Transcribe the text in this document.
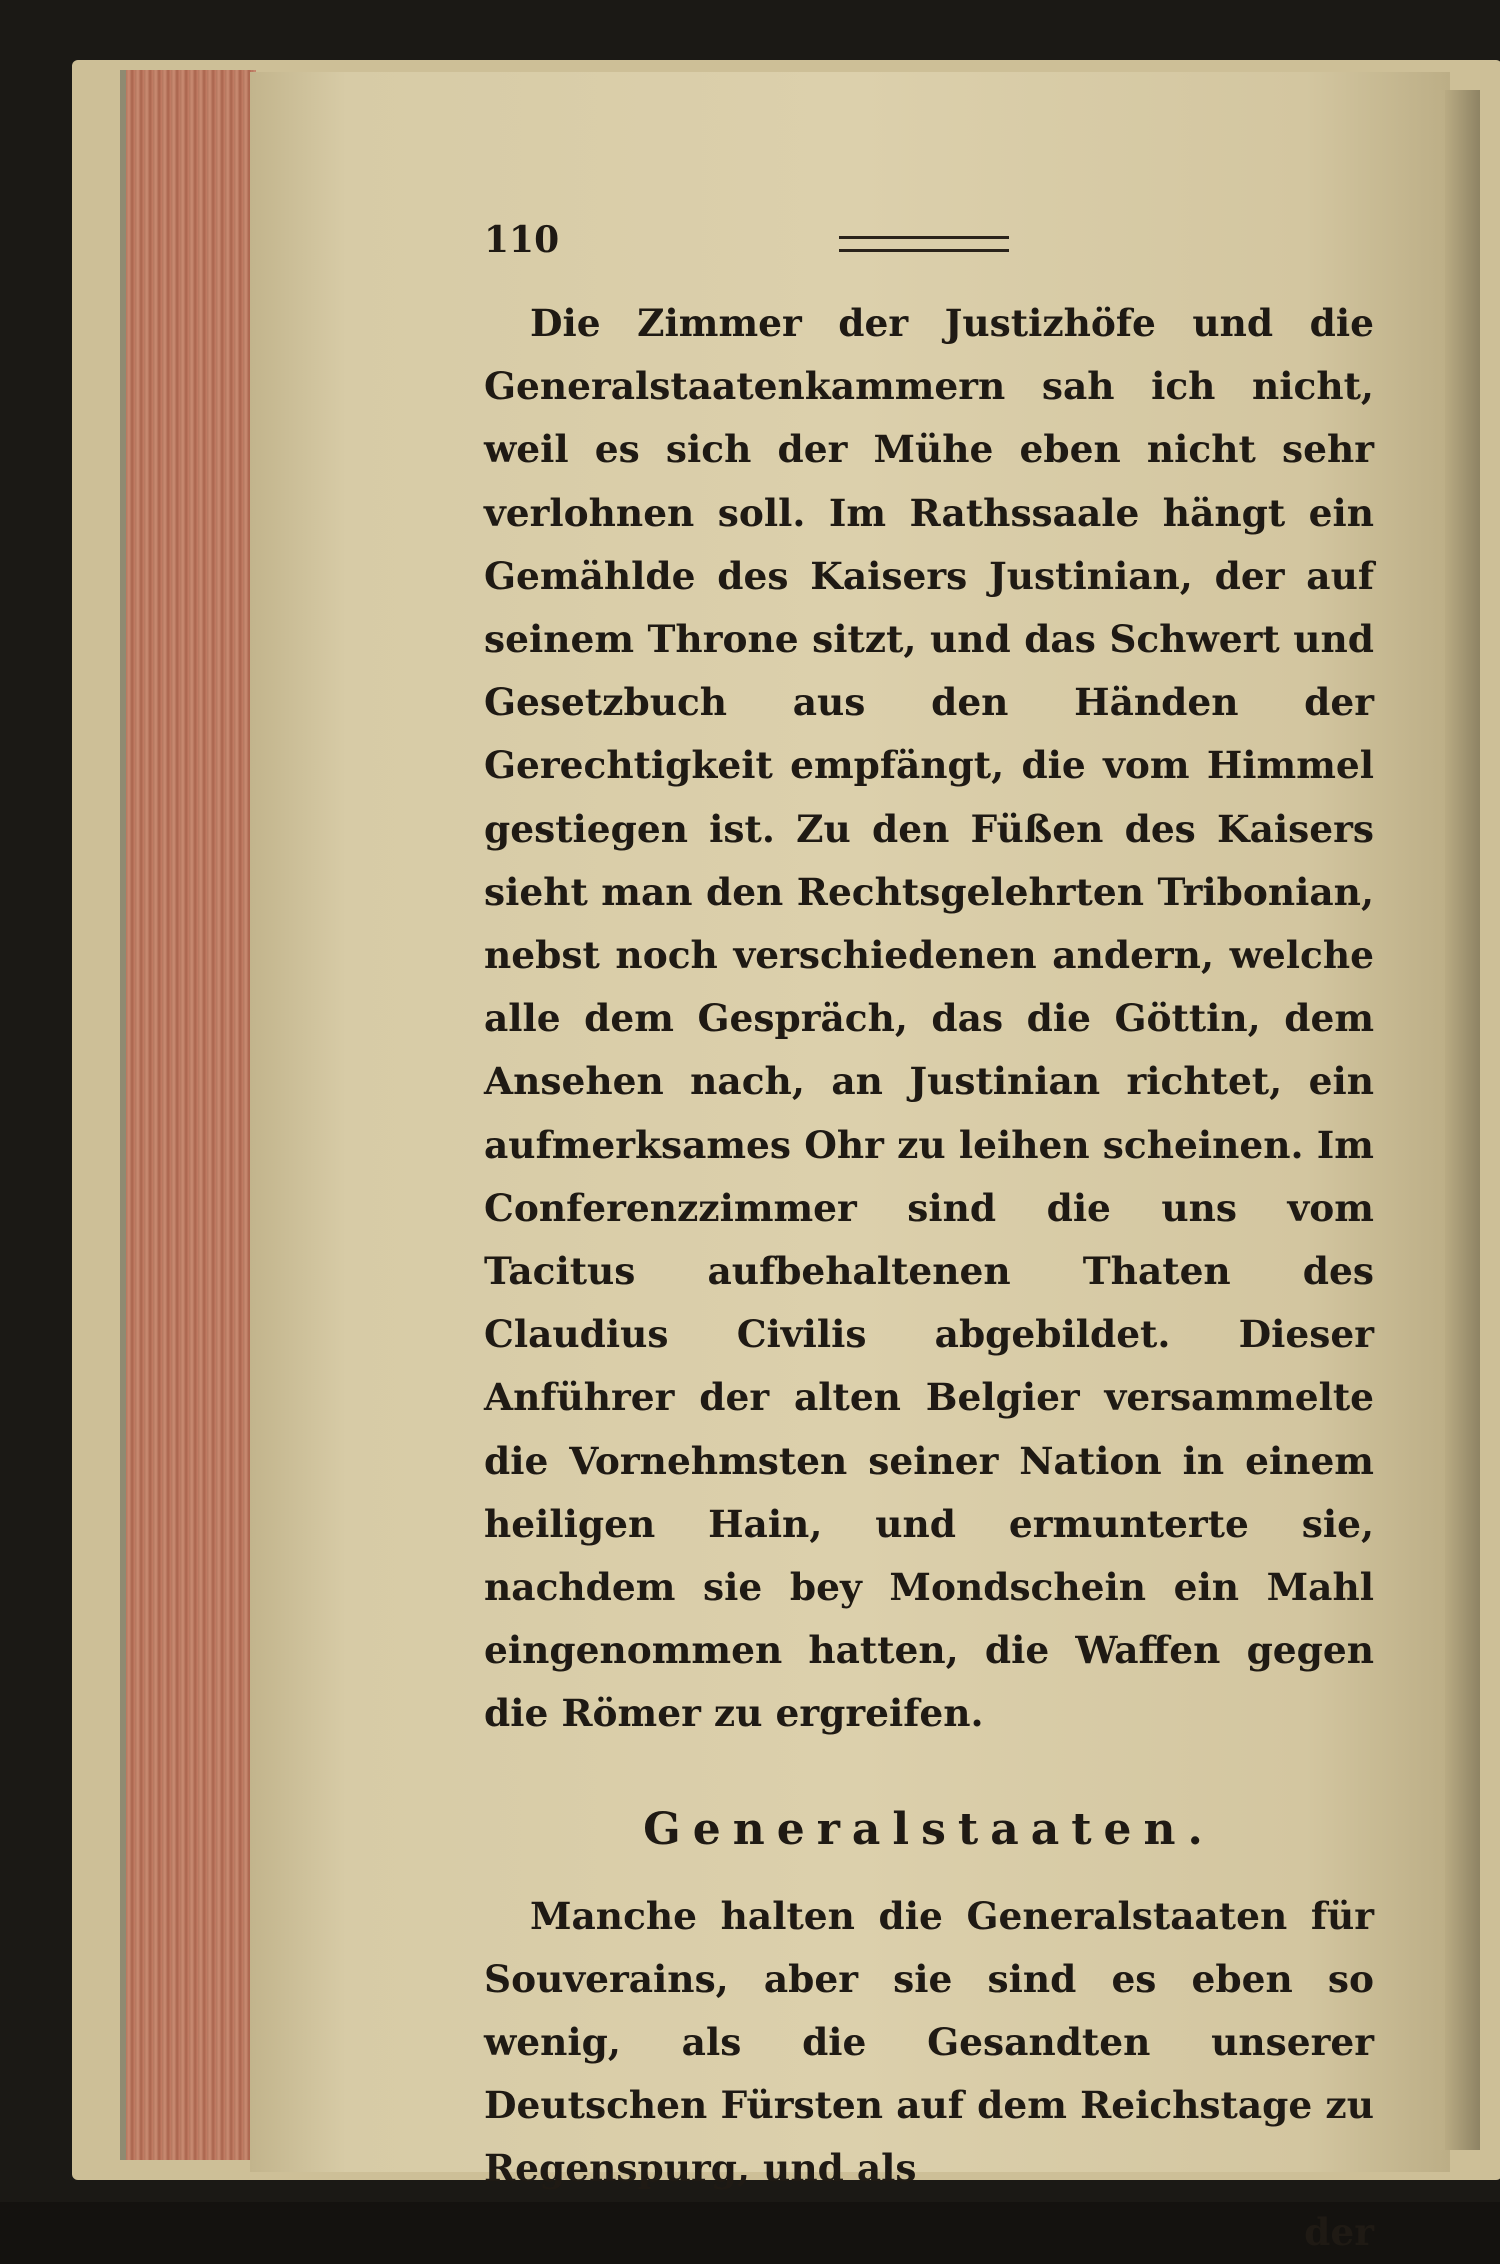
110

Die Zimmer der Justizhöfe und die Generalstaatenkammern sah ich nicht, weil es sich der Mühe eben nicht sehr verlohnen soll. Im Rathssaale hängt ein Gemählde des Kaisers Justinian, der auf seinem Throne sitzt, und das Schwert und Gesetzbuch aus den Händen der Gerechtigkeit empfängt, die vom Himmel gestiegen ist. Zu den Füßen des Kaisers sieht man den Rechtsgelehrten Tribonian, nebst noch verschiedenen andern, welche alle dem Gespräch, das die Göttin, dem Ansehen nach, an Justinian richtet, ein aufmerksames Ohr zu leihen scheinen. Im Conferenzzimmer sind die uns vom Tacitus aufbehaltenen Thaten des Claudius Civilis abgebildet. Dieser Anführer der alten Belgier versammelte die Vornehmsten seiner Nation in einem heiligen Hain, und ermunterte sie, nachdem sie bey Mondschein ein Mahl eingenommen hatten, die Waffen gegen die Römer zu ergreifen.

Generalstaaten.

Manche halten die Generalstaaten für Souverains, aber sie sind es eben so wenig, als die Gesandten unserer Deutschen Fürsten auf dem Reichstage zu Regenspurg, und als

der
